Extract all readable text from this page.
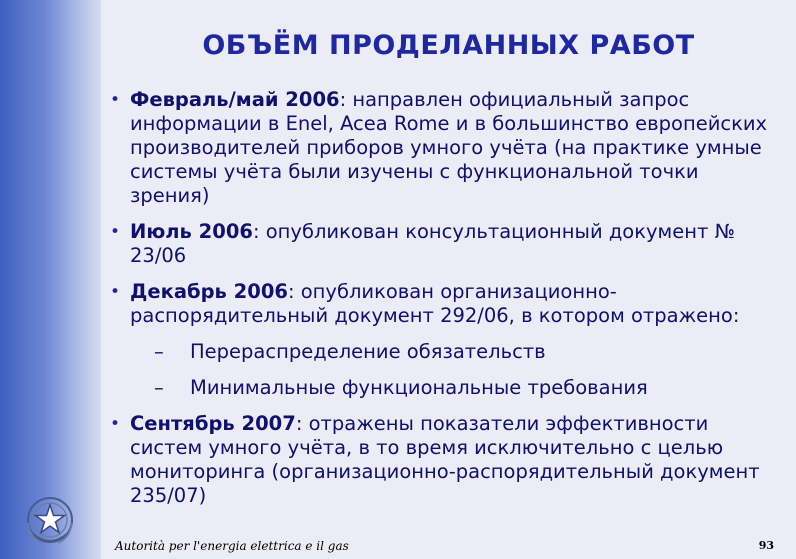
ОБЪЁМ ПРОДЕЛАННЫХ РАБОТ
• Февраль/май 2006: направлен официальный запрос информации в Enel, Acea Rome и в большинство европейских производителей приборов умного учёта (на практике умные системы учёта были изучены с функциональной точки зрения)
• Июль 2006: опубликован консультационный документ № 23/06
• Декабрь 2006: опубликован организационно-распорядительный документ 292/06, в котором отражено:
– Перераспределение обязательств
– Минимальные функциональные требования
• Сентябрь 2007: отражены показатели эффективности систем умного учёта, в то время исключительно с целью мониторинга (организационно-распорядительный документ 235/07)
Autorità per l'energia elettrica e il gas	93
